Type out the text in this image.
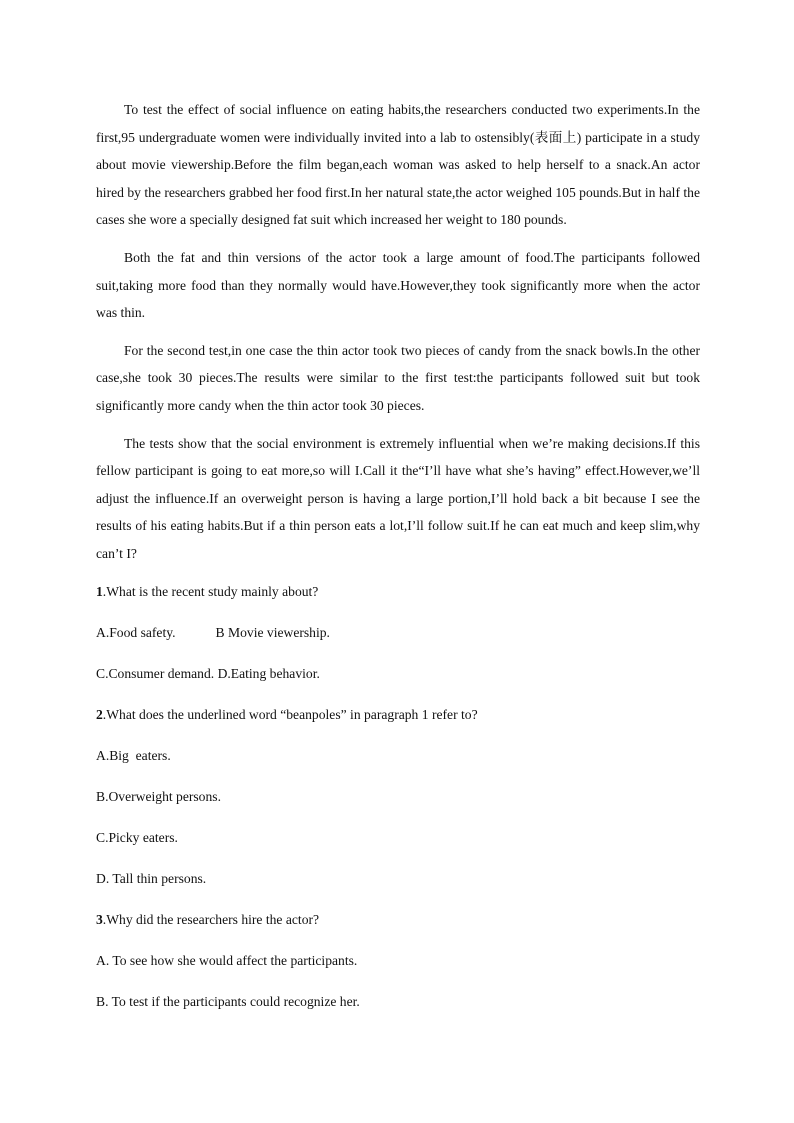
To test the effect of social influence on eating habits,the researchers conducted two experiments.In the first,95 undergraduate women were individually invited into a lab to ostensibly(表面上) participate in a study about movie viewership.Before the film began,each woman was asked to help herself to a snack.An actor hired by the researchers grabbed her food first.In her natural state,the actor weighed 105 pounds.But in half the cases she wore a specially designed fat suit which increased her weight to 180 pounds.

Both the fat and thin versions of the actor took a large amount of food.The participants followed suit,taking more food than they normally would have.However,they took significantly more when the actor was thin.

For the second test,in one case the thin actor took two pieces of candy from the snack bowls.In the other case,she took 30 pieces.The results were similar to the first test:the participants followed suit but took significantly more candy when the thin actor took 30 pieces.

The tests show that the social environment is extremely influential when we’re making decisions.If this fellow participant is going to eat more,so will I.Call it the“I’ll have what she’s having” effect.However,we’ll adjust the influence.If an overweight person is having a large portion,I’ll hold back a bit because I see the results of his eating habits.But if a thin person eats a lot,I’ll follow suit.If he can eat much and keep slim,why can’t I?

1.What is the recent study mainly about?
A.Food safety.	B Movie viewership.
C.Consumer demand. D.Eating behavior.
2.What does the underlined word “beanpoles” in paragraph 1 refer to?
A.Big  eaters.
B.Overweight persons.
C.Picky eaters.
D. Tall thin persons.
3.Why did the researchers hire the actor?
A. To see how she would affect the participants.
B. To test if the participants could recognize her.
